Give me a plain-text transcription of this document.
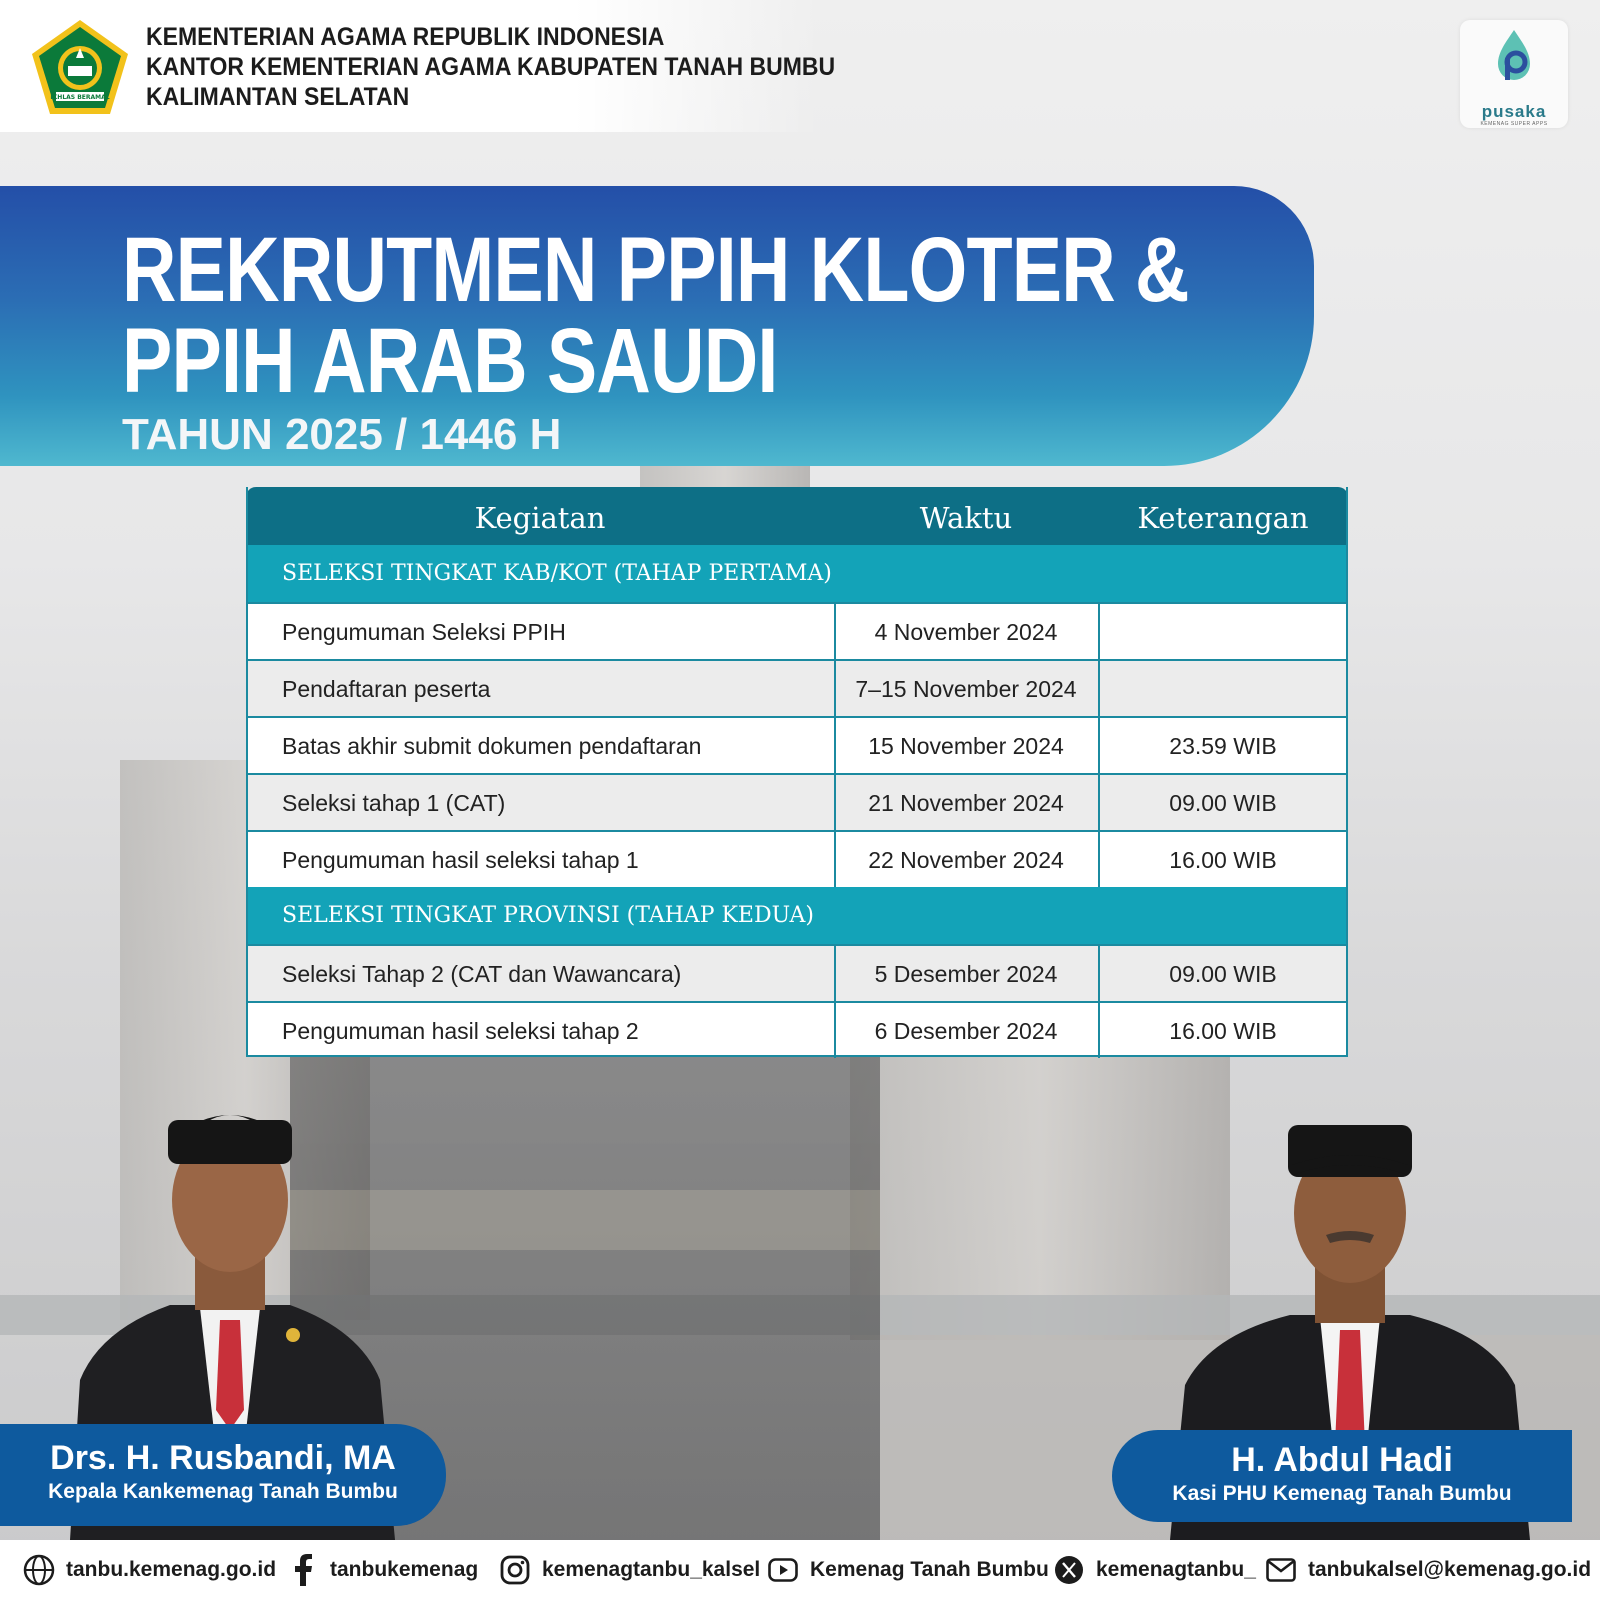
IKHLAS BERAMAL
KEMENTERIAN AGAMA REPUBLIK INDONESIA
KANTOR KEMENTERIAN AGAMA KABUPATEN TANAH BUMBU
KALIMANTAN SELATAN
pusaka
KEMENAG SUPER APPS
REKRUTMEN PPIH KLOTER &
PPIH ARAB SAUDI
TAHUN 2025 / 1446 H
Kegiatan	Waktu	Keterangan
SELEKSI TINGKAT KAB/KOT (TAHAP PERTAMA)
Pengumuman Seleksi PPIH	4 November 2024
Pendaftaran peserta	7–15 November 2024
Batas akhir submit dokumen pendaftaran	15 November 2024	23.59 WIB
Seleksi tahap 1 (CAT)	21 November 2024	09.00 WIB
Pengumuman hasil seleksi tahap 1	22 November 2024	16.00 WIB
SELEKSI TINGKAT PROVINSI (TAHAP KEDUA)
Seleksi Tahap 2 (CAT dan Wawancara)	5 Desember 2024	09.00 WIB
Pengumuman hasil seleksi tahap 2	6 Desember 2024	16.00 WIB
Drs. H. Rusbandi, MA
Kepala Kankemenag Tanah Bumbu
H. Abdul Hadi
Kasi PHU Kemenag Tanah Bumbu
tanbu.kemenag.go.id	tanbukemenag	kemenagtanbu_kalsel Kemenag Tanah Bumbu kemenagtanbu_ tanbukalsel@kemenag.go.id
